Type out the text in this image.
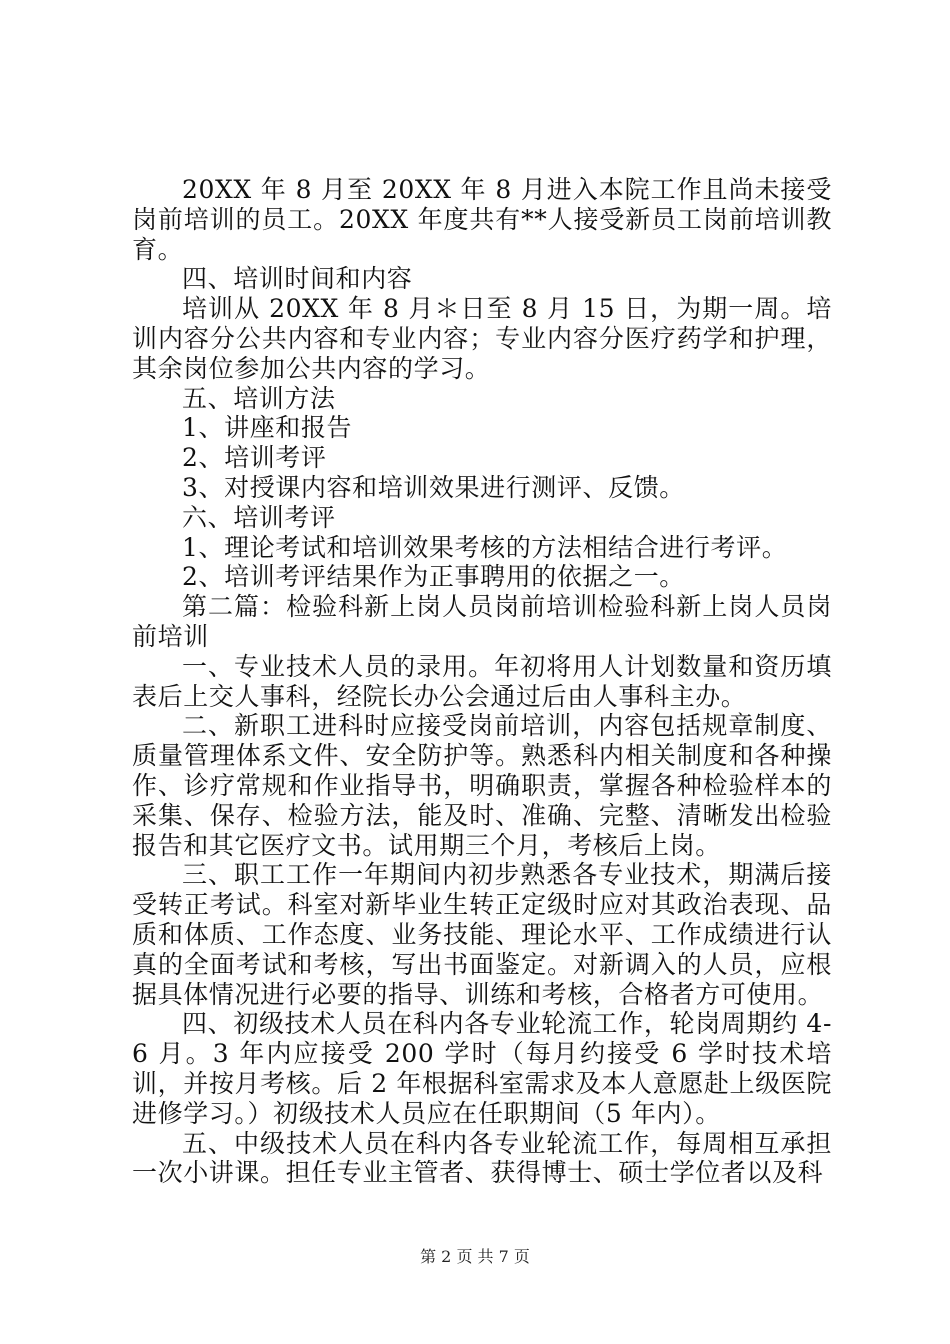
20XX 年 8 月至 20XX 年 8 月进入本院工作且尚未接受岗前培训的员工。20XX 年度共有**人接受新员工岗前培训教育。

四、培训时间和内容

培训从 20XX 年 8 月＊日至 8 月 15 日，为期一周。培训内容分公共内容和专业内容；专业内容分医疗药学和护理，其余岗位参加公共内容的学习。

五、培训方法

1、讲座和报告

2、培训考评

3、对授课内容和培训效果进行测评、反馈。

六、培训考评

1、理论考试和培训效果考核的方法相结合进行考评。

2、培训考评结果作为正事聘用的依据之一。

第二篇：检验科新上岗人员岗前培训检验科新上岗人员岗前培训

一、专业技术人员的录用。年初将用人计划数量和资历填表后上交人事科，经院长办公会通过后由人事科主办。

二、新职工进科时应接受岗前培训，内容包括规章制度、质量管理体系文件、安全防护等。熟悉科内相关制度和各种操作、诊疗常规和作业指导书，明确职责，掌握各种检验样本的采集、保存、检验方法，能及时、准确、完整、清晰发出检验报告和其它医疗文书。试用期三个月，考核后上岗。

三、职工工作一年期间内初步熟悉各专业技术，期满后接受转正考试。科室对新毕业生转正定级时应对其政治表现、品质和体质、工作态度、业务技能、理论水平、工作成绩进行认真的全面考试和考核，写出书面鉴定。对新调入的人员，应根据具体情况进行必要的指导、训练和考核，合格者方可使用。

四、初级技术人员在科内各专业轮流工作，轮岗周期约 4-6 月。3 年内应接受 200 学时（每月约接受 6 学时技术培训，并按月考核。后 2 年根据科室需求及本人意愿赴上级医院进修学习。）初级技术人员应在任职期间（5 年内）。

五、中级技术人员在科内各专业轮流工作，每周相互承担一次小讲课。担任专业主管者、获得博士、硕士学位者以及科

第 2 页 共 7 页
